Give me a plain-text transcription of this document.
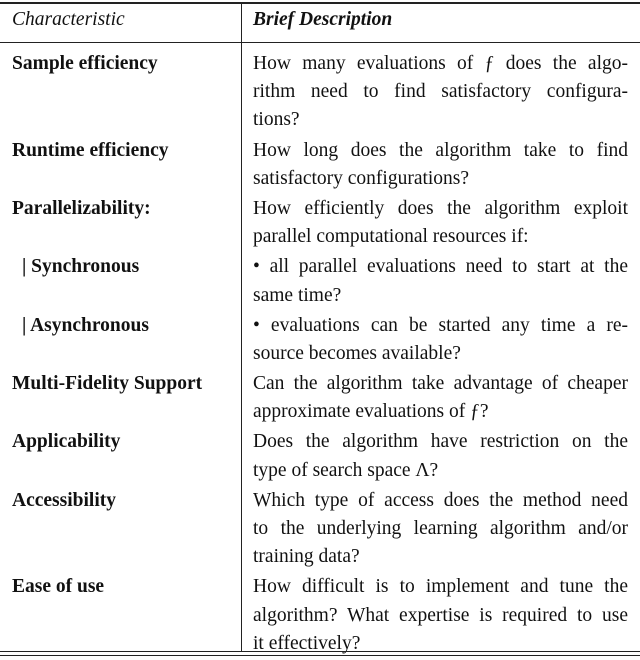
Characteristic	Brief Description
Sample efficiency	How many evaluations of ƒ does the algo-
rithm need to find satisfactory configura-
tions?
Runtime efficiency	How long does the algorithm take to find
satisfactory configurations?
Parallelizability:	How efficiently does the algorithm exploit
parallel computational resources if:
| Synchronous	• all parallel evaluations need to start at the
same time?
| Asynchronous	• evaluations can be started any time a re-
source becomes available?
Multi-Fidelity Support	Can the algorithm take advantage of cheaper
approximate evaluations of ƒ?
Applicability	Does the algorithm have restriction on the
type of search space Λ?
Accessibility	Which type of access does the method need
to the underlying learning algorithm and/or
training data?
Ease of use	How difficult is to implement and tune the
algorithm? What expertise is required to use
it effectively?
